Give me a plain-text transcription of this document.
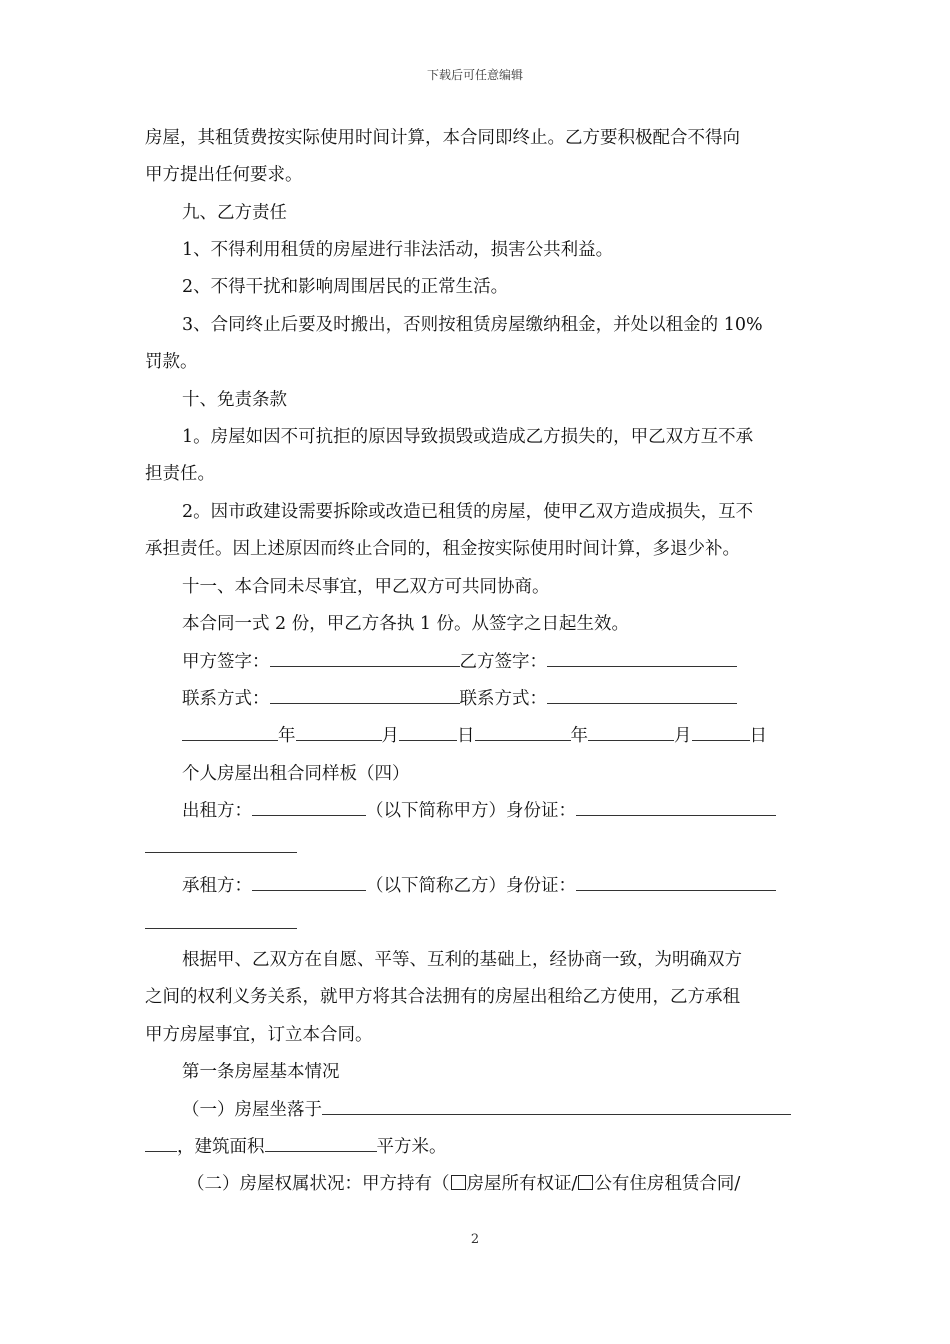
下载后可任意编辑
房屋，其租赁费按实际使用时间计算，本合同即终止。乙方要积极配合不得向
甲方提出任何要求。
九、乙方责任
1、不得利用租赁的房屋进行非法活动，损害公共利益。
2、不得干扰和影响周围居民的正常生活。
3、合同终止后要及时搬出，否则按租赁房屋缴纳租金，并处以租金的 10%
罚款。
十、免责条款
1。房屋如因不可抗拒的原因导致损毁或造成乙方损失的，甲乙双方互不承
担责任。
2。因市政建设需要拆除或改造已租赁的房屋，使甲乙双方造成损失，互不
承担责任。因上述原因而终止合同的，租金按实际使用时间计算，多退少补。
十一、本合同未尽事宜，甲乙双方可共同协商。
本合同一式 2 份，甲乙方各执 1 份。从签字之日起生效。
甲方签字：	乙方签字：
联系方式：	联系方式：
年	月	日	年	月	日
个人房屋出租合同样板（四）
出租方：	（以下简称甲方）身份证：
承租方：	（以下简称乙方）身份证：
根据甲、乙双方在自愿、平等、互利的基础上，经协商一致，为明确双方
之间的权利义务关系，就甲方将其合法拥有的房屋出租给乙方使用，乙方承租
甲方房屋事宜，订立本合同。
第一条房屋基本情况
（一）房屋坐落于
，建筑面积	平方米。
（二）房屋权属状况：甲方持有（ 房屋所有权证/ 公有住房租赁合同/
2
